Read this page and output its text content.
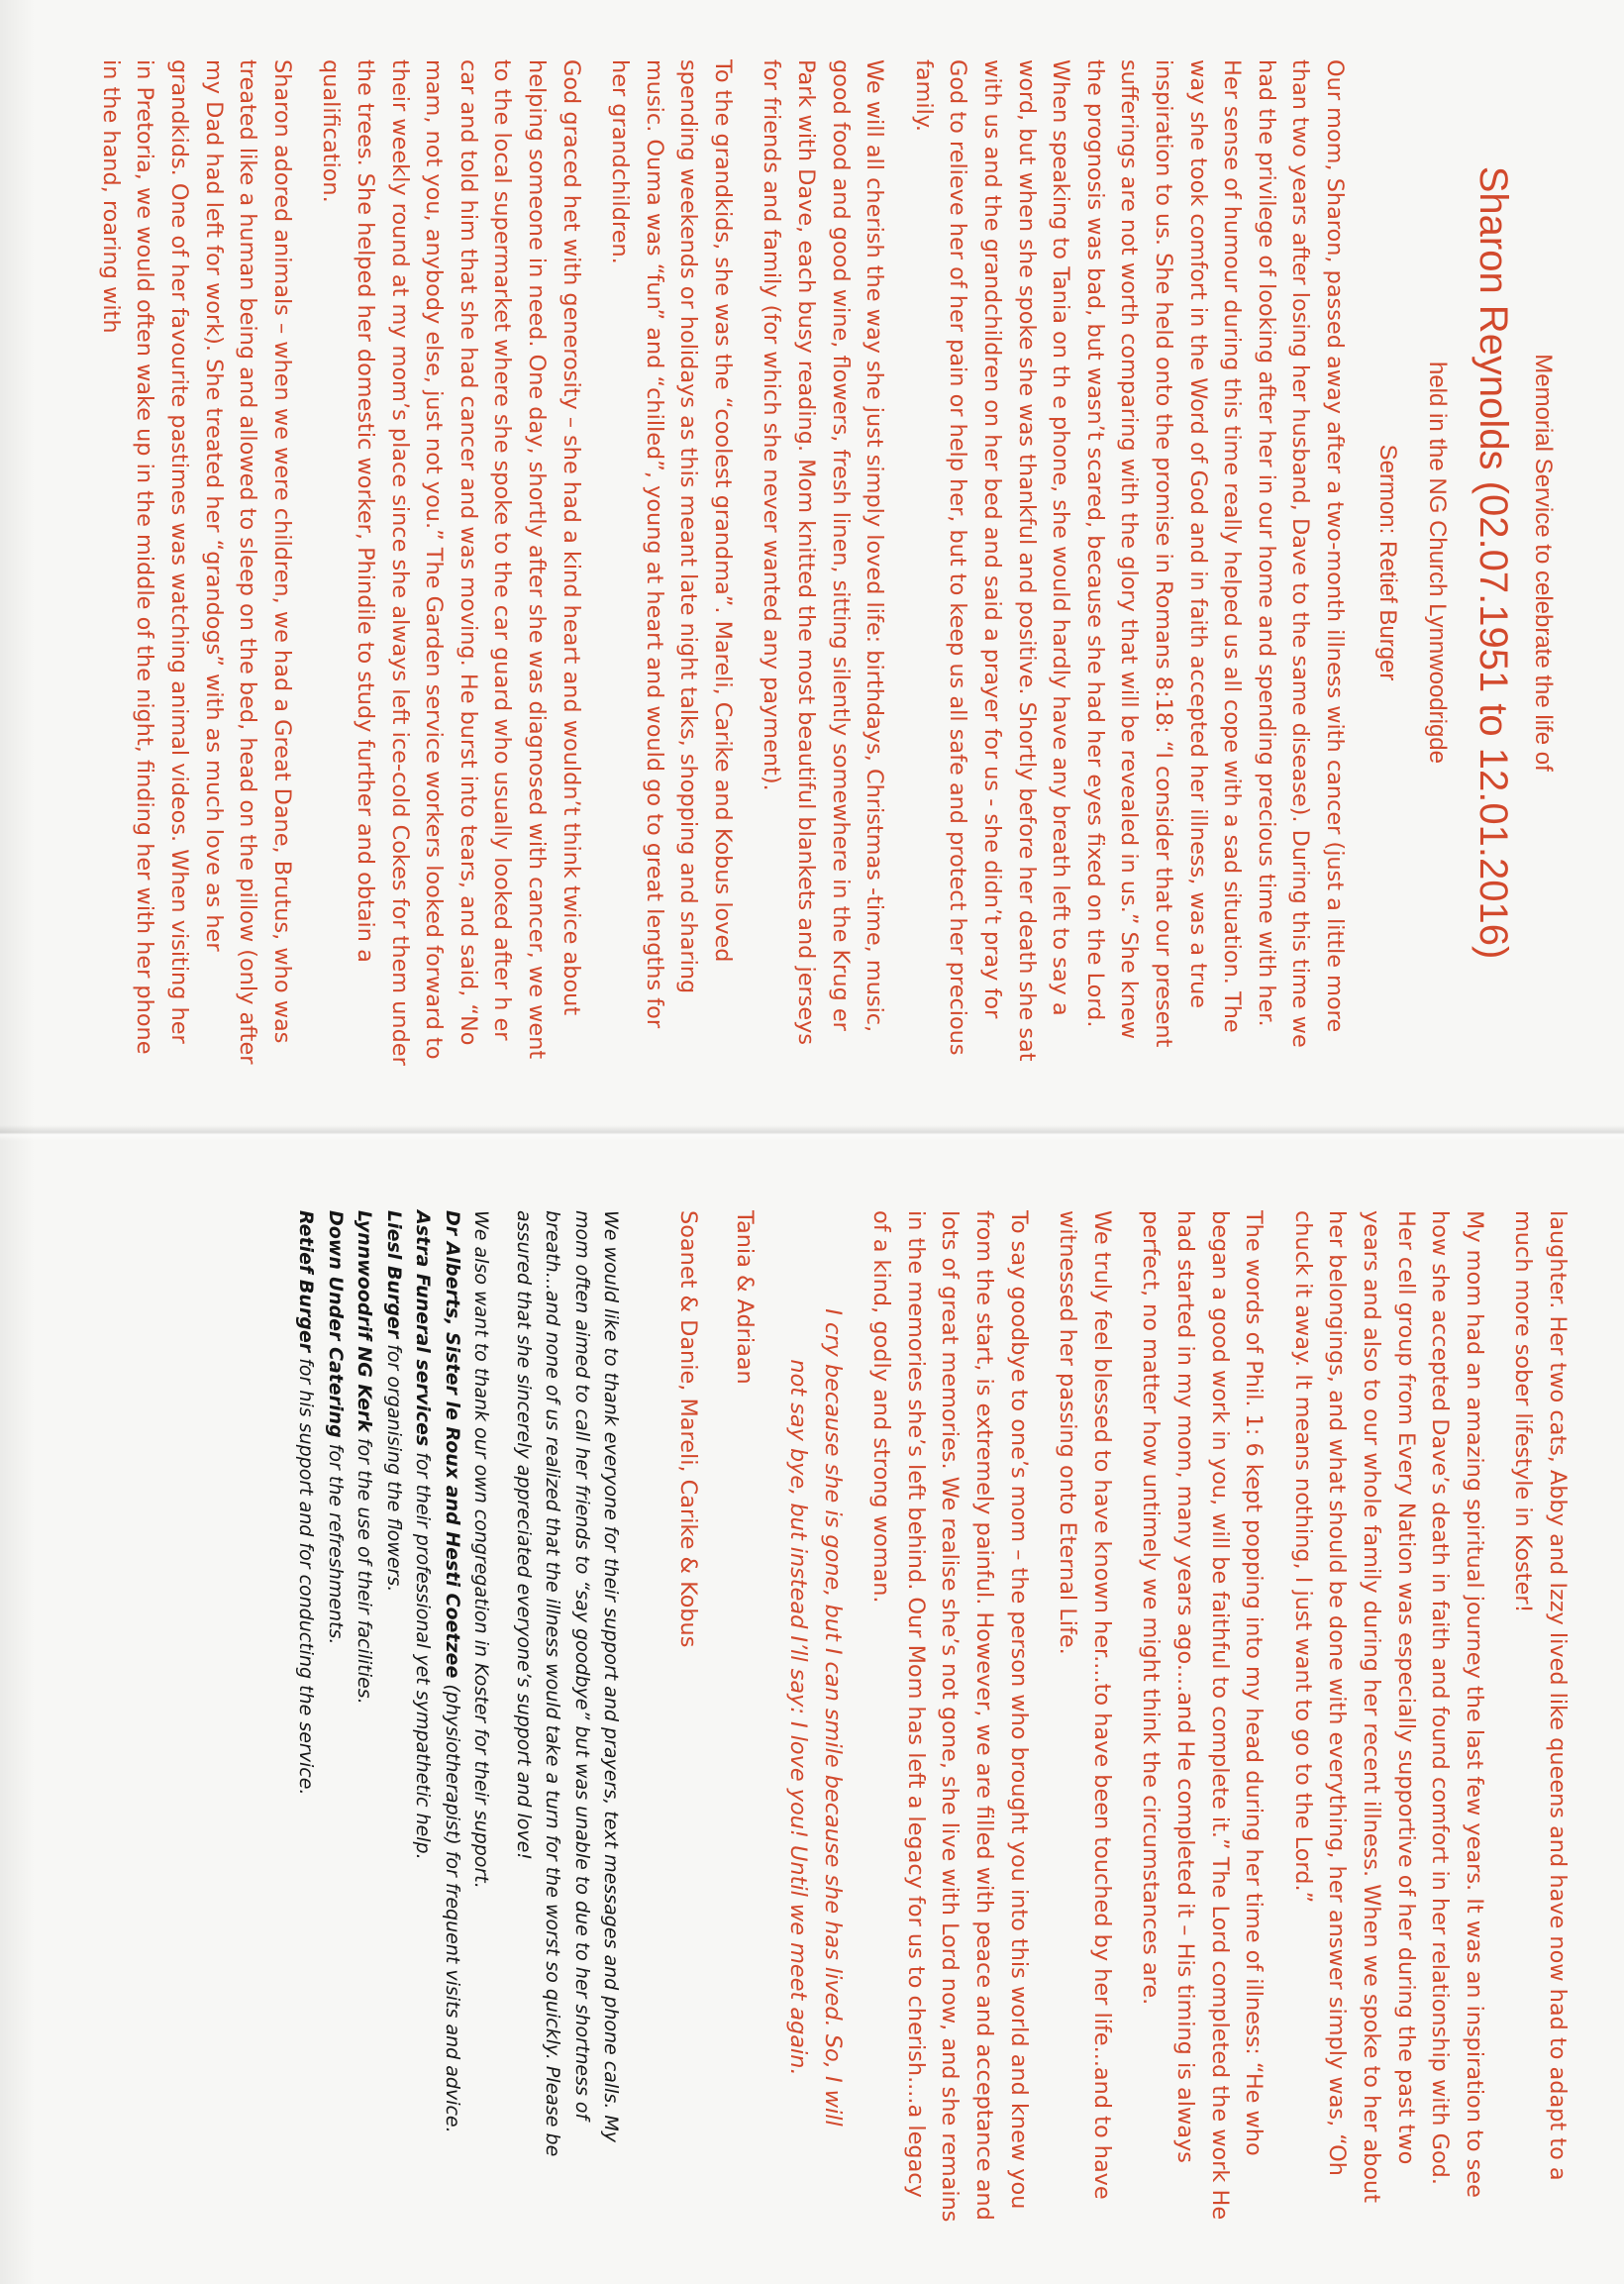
Memorial Service to celebrate the life of
Sharon Reynolds (02.07.1951 to 12.01.2016)
held in the NG Church Lynnwoodrigde
Sermon: Retief Burger

Our mom, Sharon, passed away after a two-month illness with cancer (just a little more than two years after losing her husband, Dave to the same disease). During this time we had the privilege of looking after her in our home and spending precious time with her. Her sense of humour during this time really helped us all cope with a sad situation. The way she took comfort in the Word of God and in faith accepted her illness, was a true inspiration to us. She held onto the promise in Romans 8:18: “I consider that our present sufferings are not worth comparing with the glory that will be revealed in us.” She knew the prognosis was bad, but wasn’t scared, because she had her eyes fixed on the Lord. When speaking to Tania on th e phone, she would hardly have any breath left to say a word, but when she spoke she was thankful and positive. Shortly before her death she sat with us and the grandchildren on her bed and said a prayer for us - she didn’t pray for God to relieve her of her pain or help her, but to keep us all safe and protect her precious family.

We will all cherish the way she just simply loved life: birthdays, Christmas -time, music, good food and good wine, flowers, fresh linen, sitting silently somewhere in the Krug er Park with Dave, each busy reading. Mom knitted the most beautiful blankets and jerseys for friends and family (for which she never wanted any payment).

To the grandkids, she was the “coolest grandma”. Mareli, Carike and Kobus loved spending weekends or holidays as this meant late night talks, shopping and sharing music. Ouma was “fun” and “chilled”, young at heart and would go to great lengths for her grandchildren.

God graced het with generosity – she had a kind heart and wouldn’t think twice about helping someone in need. One day, shortly after she was diagnosed with cancer, we went to the local supermarket where she spoke to the car guard who usually looked after h er car and told him that she had cancer and was moving. He burst into tears, and said, “No mam, not you, anybody else, just not you.” The Garden service workers looked forward to their weekly round at my mom’s place since she always left ice-cold Cokes for them under the trees. She helped her domestic worker, Phindile to study further and obtain a qualification.

Sharon adored animals – when we were children, we had a Great Dane, Brutus, who was treated like a human being and allowed to sleep on the bed, head on the pillow (only after my Dad had left for work). She treated her “grandogs” with as much love as her grandkids. One of her favourite pastimes was watching animal videos. When visiting her in Pretoria, we would often wake up in the middle of the night, finding her with her phone in the hand, roaring with

laughter. Her two cats, Abby and Izzy lived like queens and have now had to adapt to a much more sober lifestyle in Koster!

My mom had an amazing spiritual journey the last few years. It was an inspiration to see how she accepted Dave’s death in faith and found comfort in her relationship with God. Her cell group from Every Nation was especially supportive of her during the past two years and also to our whole family during her recent illness. When we spoke to her about her belongings, and what should be done with everything, her answer simply was, “Oh chuck it away. It means nothing, I just want to go to the Lord.”

The words of Phil. 1: 6 kept popping into my head during her time of illness: “He who began a good work in you, will be faithful to complete it.” The Lord completed the work He had started in my mom, many years ago....and He completed it – His timing is always perfect, no matter how untimely we might think the circumstances are.

We truly feel blessed to have known her....to have been touched by her life...and to have witnessed her passing onto Eternal Life.

To say goodbye to one’s mom – the person who brought you into this world and knew you from the start, is extremely painful. However, we are filled with peace and acceptance and lots of great memories. We realise she’s not gone, she live with Lord now, and she remains in the memories she’s left behind. Our Mom has left a legacy for us to cherish....a legacy of a kind, godly and strong woman.

I cry because she is gone, but I can smile because she has lived. So, I will
not say bye, but instead I’ll say: I love you! Until we meet again.

Tania & Adriaan

Soanet & Danie, Mareli, Carike & Kobus

We would like to thank everyone for their support and prayers, text messages and phone calls. My mom often aimed to call her friends to “say goodbye” but was unable to due to her shortness of breath...and none of us realized that the illness would take a turn for the worst so quickly. Please be assured that she sincerely appreciated everyone’s support and love!

We also want to thank our own congregation in Koster for their support.

Dr Alberts, Sister le Roux and Hesti Coetzee (physiotherapist) for frequent visits and advice.
Astra Funeral services for their professional yet sympathetic help.
Liesl Burger for organising the flowers.
Lynnwoodrif NG Kerk for the use of their facilities.
Down Under Catering for the refreshments.
Retief Burger for his support and for conducting the service.
